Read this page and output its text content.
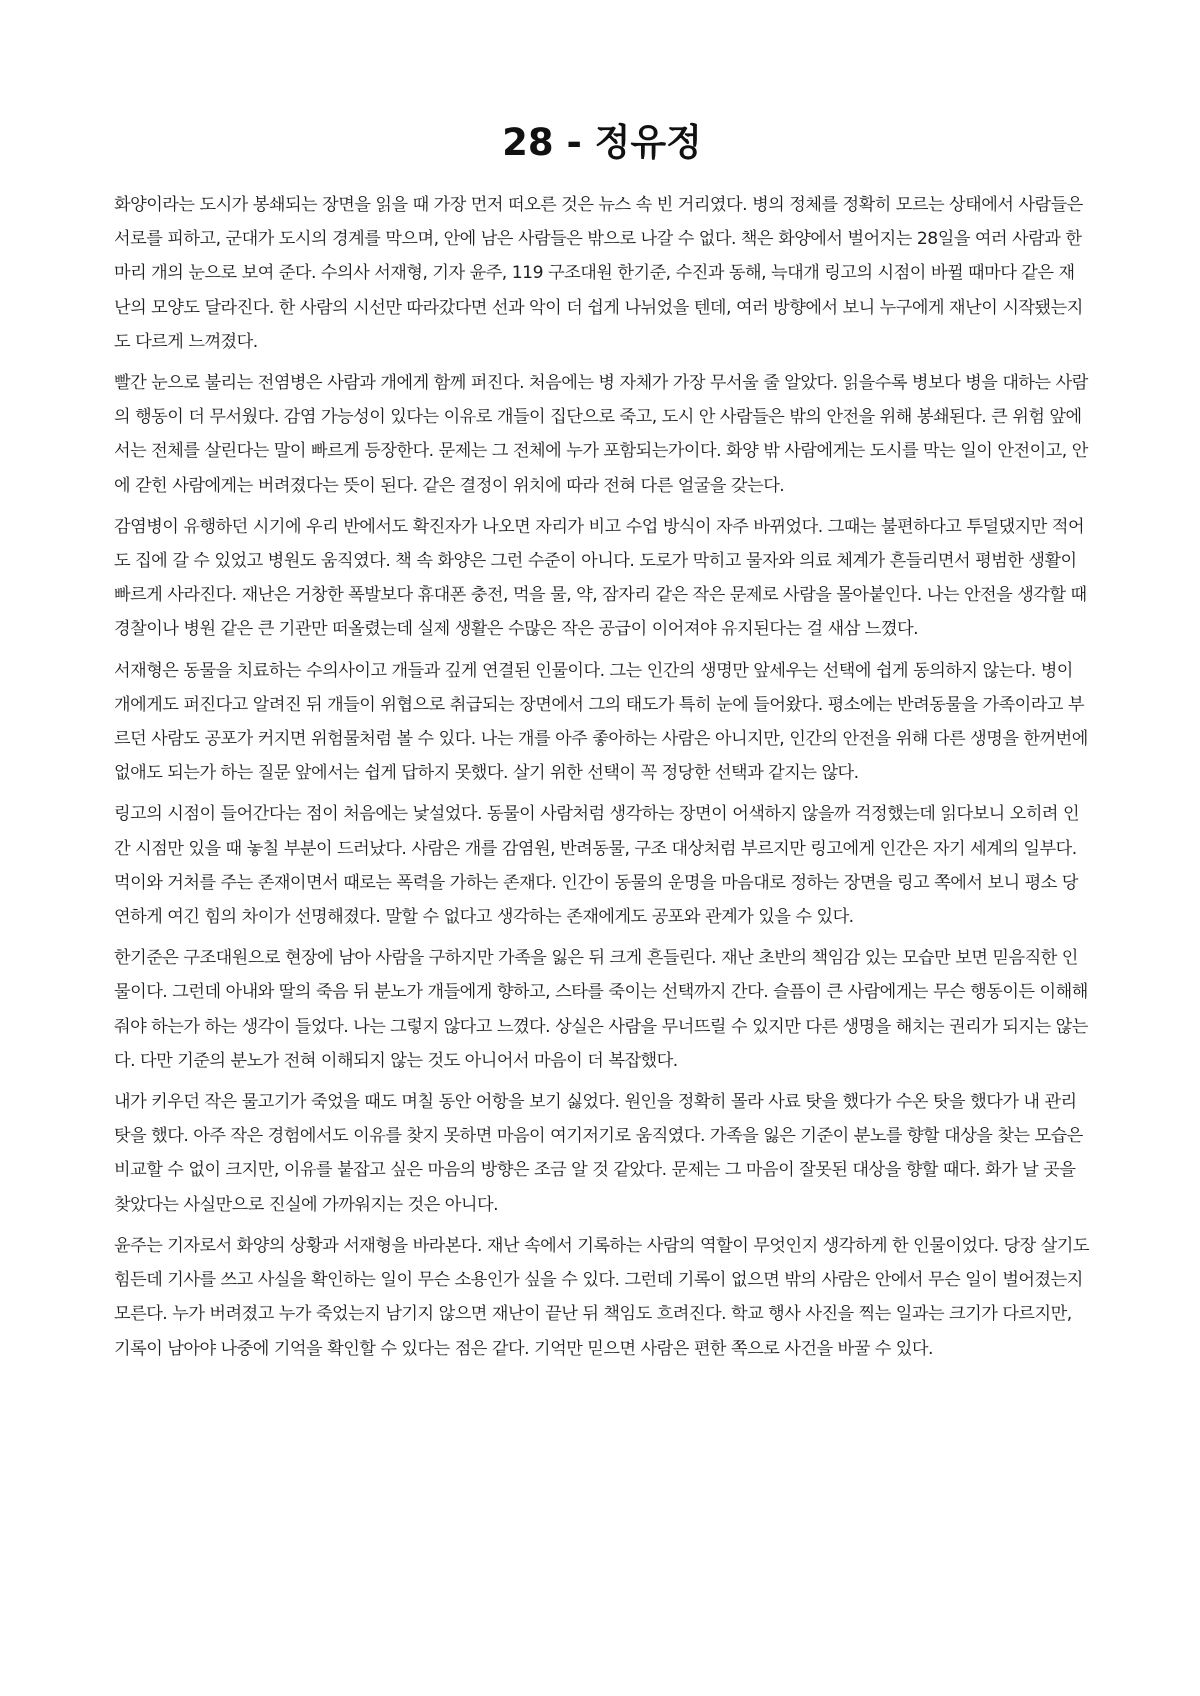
28 - 정유정

화양이라는 도시가 봉쇄되는 장면을 읽을 때 가장 먼저 떠오른 것은 뉴스 속 빈 거리였다. 병의 정체를 정확히 모르는 상태에서 사람들은 서로를 피하고, 군대가 도시의 경계를 막으며, 안에 남은 사람들은 밖으로 나갈 수 없다. 책은 화양에서 벌어지는 28일을 여러 사람과 한 마리 개의 눈으로 보여 준다. 수의사 서재형, 기자 윤주, 119 구조대원 한기준, 수진과 동해, 늑대개 링고의 시점이 바뀔 때마다 같은 재난의 모양도 달라진다. 한 사람의 시선만 따라갔다면 선과 악이 더 쉽게 나뉘었을 텐데, 여러 방향에서 보니 누구에게 재난이 시작됐는지도 다르게 느껴졌다.

빨간 눈으로 불리는 전염병은 사람과 개에게 함께 퍼진다. 처음에는 병 자체가 가장 무서울 줄 알았다. 읽을수록 병보다 병을 대하는 사람의 행동이 더 무서웠다. 감염 가능성이 있다는 이유로 개들이 집단으로 죽고, 도시 안 사람들은 밖의 안전을 위해 봉쇄된다. 큰 위험 앞에서는 전체를 살린다는 말이 빠르게 등장한다. 문제는 그 전체에 누가 포함되는가이다. 화양 밖 사람에게는 도시를 막는 일이 안전이고, 안에 갇힌 사람에게는 버려졌다는 뜻이 된다. 같은 결정이 위치에 따라 전혀 다른 얼굴을 갖는다.

감염병이 유행하던 시기에 우리 반에서도 확진자가 나오면 자리가 비고 수업 방식이 자주 바뀌었다. 그때는 불편하다고 투덜댔지만 적어도 집에 갈 수 있었고 병원도 움직였다. 책 속 화양은 그런 수준이 아니다. 도로가 막히고 물자와 의료 체계가 흔들리면서 평범한 생활이 빠르게 사라진다. 재난은 거창한 폭발보다 휴대폰 충전, 먹을 물, 약, 잠자리 같은 작은 문제로 사람을 몰아붙인다. 나는 안전을 생각할 때 경찰이나 병원 같은 큰 기관만 떠올렸는데 실제 생활은 수많은 작은 공급이 이어져야 유지된다는 걸 새삼 느꼈다.

서재형은 동물을 치료하는 수의사이고 개들과 깊게 연결된 인물이다. 그는 인간의 생명만 앞세우는 선택에 쉽게 동의하지 않는다. 병이 개에게도 퍼진다고 알려진 뒤 개들이 위협으로 취급되는 장면에서 그의 태도가 특히 눈에 들어왔다. 평소에는 반려동물을 가족이라고 부르던 사람도 공포가 커지면 위험물처럼 볼 수 있다. 나는 개를 아주 좋아하는 사람은 아니지만, 인간의 안전을 위해 다른 생명을 한꺼번에 없애도 되는가 하는 질문 앞에서는 쉽게 답하지 못했다. 살기 위한 선택이 꼭 정당한 선택과 같지는 않다.

링고의 시점이 들어간다는 점이 처음에는 낯설었다. 동물이 사람처럼 생각하는 장면이 어색하지 않을까 걱정했는데 읽다보니 오히려 인간 시점만 있을 때 놓칠 부분이 드러났다. 사람은 개를 감염원, 반려동물, 구조 대상처럼 부르지만 링고에게 인간은 자기 세계의 일부다. 먹이와 거처를 주는 존재이면서 때로는 폭력을 가하는 존재다. 인간이 동물의 운명을 마음대로 정하는 장면을 링고 쪽에서 보니 평소 당연하게 여긴 힘의 차이가 선명해졌다. 말할 수 없다고 생각하는 존재에게도 공포와 관계가 있을 수 있다.

한기준은 구조대원으로 현장에 남아 사람을 구하지만 가족을 잃은 뒤 크게 흔들린다. 재난 초반의 책임감 있는 모습만 보면 믿음직한 인물이다. 그런데 아내와 딸의 죽음 뒤 분노가 개들에게 향하고, 스타를 죽이는 선택까지 간다. 슬픔이 큰 사람에게는 무슨 행동이든 이해해 줘야 하는가 하는 생각이 들었다. 나는 그렇지 않다고 느꼈다. 상실은 사람을 무너뜨릴 수 있지만 다른 생명을 해치는 권리가 되지는 않는다. 다만 기준의 분노가 전혀 이해되지 않는 것도 아니어서 마음이 더 복잡했다.

내가 키우던 작은 물고기가 죽었을 때도 며칠 동안 어항을 보기 싫었다. 원인을 정확히 몰라 사료 탓을 했다가 수온 탓을 했다가 내 관리 탓을 했다. 아주 작은 경험에서도 이유를 찾지 못하면 마음이 여기저기로 움직였다. 가족을 잃은 기준이 분노를 향할 대상을 찾는 모습은 비교할 수 없이 크지만, 이유를 붙잡고 싶은 마음의 방향은 조금 알 것 같았다. 문제는 그 마음이 잘못된 대상을 향할 때다. 화가 날 곳을 찾았다는 사실만으로 진실에 가까워지는 것은 아니다.

윤주는 기자로서 화양의 상황과 서재형을 바라본다. 재난 속에서 기록하는 사람의 역할이 무엇인지 생각하게 한 인물이었다. 당장 살기도 힘든데 기사를 쓰고 사실을 확인하는 일이 무슨 소용인가 싶을 수 있다. 그런데 기록이 없으면 밖의 사람은 안에서 무슨 일이 벌어졌는지 모른다. 누가 버려졌고 누가 죽었는지 남기지 않으면 재난이 끝난 뒤 책임도 흐려진다. 학교 행사 사진을 찍는 일과는 크기가 다르지만, 기록이 남아야 나중에 기억을 확인할 수 있다는 점은 같다. 기억만 믿으면 사람은 편한 쪽으로 사건을 바꿀 수 있다.
